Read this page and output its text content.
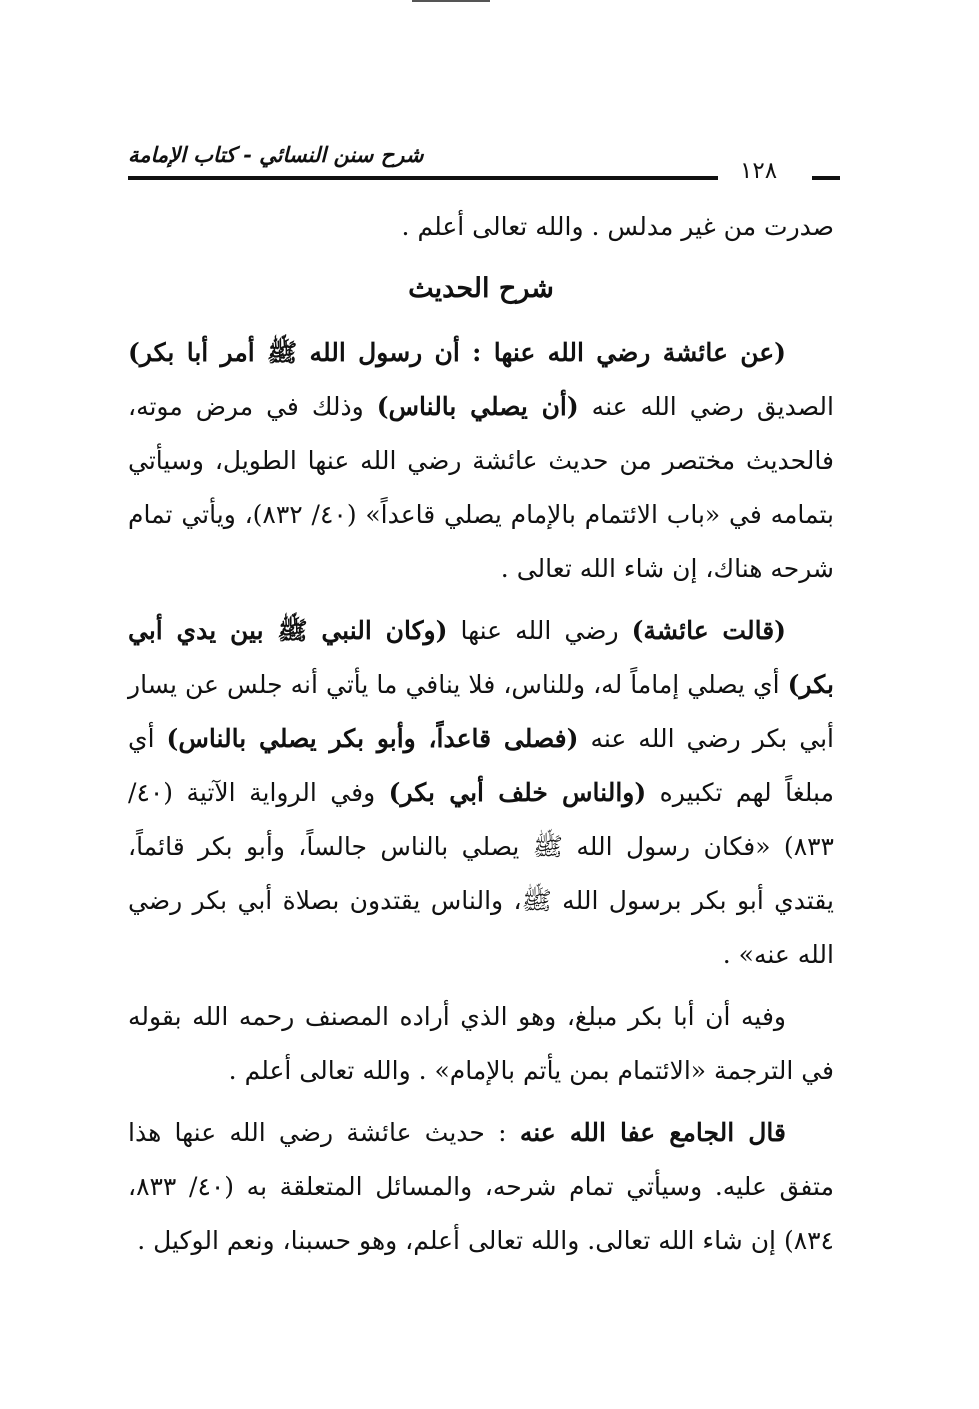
شرح سنن النسائي - كتاب الإمامة
١٢٨

صدرت من غير مدلس . والله تعالى أعلم .

شرح الحديث

(عن عائشة رضي الله عنها : أن رسول الله ﷺ أمر أبا بكر) الصديق رضي الله عنه (أن يصلي بالناس) وذلك في مرض موته، فالحديث مختصر من حديث عائشة رضي الله عنها الطويل، وسيأتي بتمامه في «باب الائتمام بالإمام يصلي قاعداً» (٤٠/ ٨٣٢)، ويأتي تمام شرحه هناك، إن شاء الله تعالى .

(قالت عائشة) رضي الله عنها (وكان النبي ﷺ بين يدي أبي بكر) أي يصلي إماماً له، وللناس، فلا ينافي ما يأتي أنه جلس عن يسار أبي بكر رضي الله عنه (فصلى قاعداً، وأبو بكر يصلي بالناس) أي مبلغاً لهم تكبيره (والناس خلف أبي بكر) وفي الرواية الآتية (٤٠/ ٨٣٣) «فكان رسول الله ﷺ يصلي بالناس جالساً، وأبو بكر قائماً، يقتدي أبو بكر برسول الله ﷺ، والناس يقتدون بصلاة أبي بكر رضي الله عنه» .

وفيه أن أبا بكر مبلغ، وهو الذي أراده المصنف رحمه الله بقوله في الترجمة «الائتمام بمن يأتم بالإمام» . والله تعالى أعلم .

قال الجامع عفا الله عنه : حديث عائشة رضي الله عنها هذا متفق عليه. وسيأتي تمام شرحه، والمسائل المتعلقة به (٤٠/ ٨٣٣، ٨٣٤) إن شاء الله تعالى. والله تعالى أعلم، وهو حسبنا، ونعم الوكيل .
